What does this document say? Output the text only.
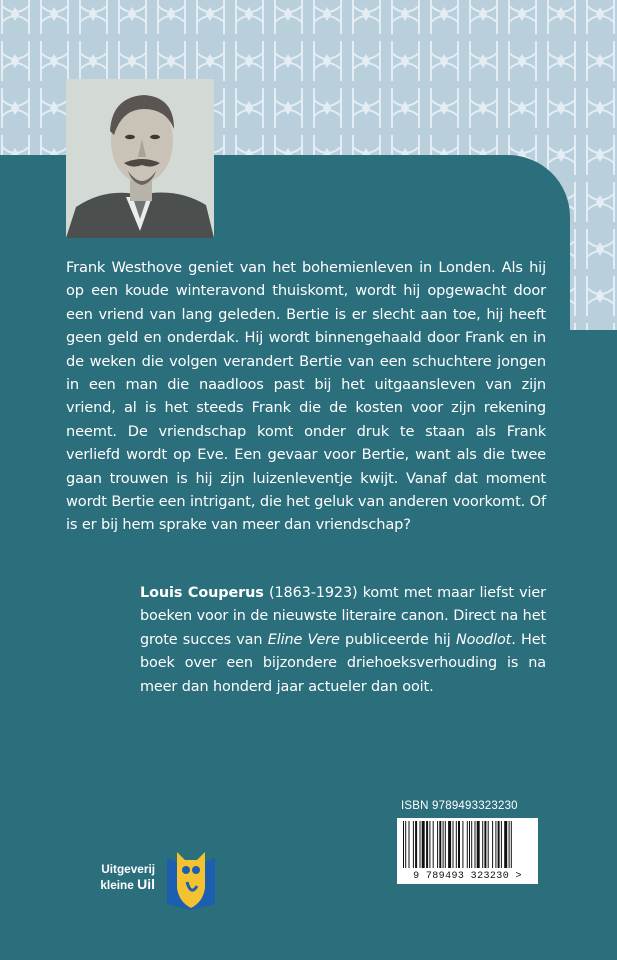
Frank Westhove geniet van het bohemienleven in Londen. Als hij op een koude winteravond thuiskomt, wordt hij opgewacht door een vriend van lang geleden. Bertie is er slecht aan toe, hij heeft geen geld en onderdak. Hij wordt binnengehaald door Frank en in de weken die volgen verandert Bertie van een schuchtere jongen in een man die naadloos past bij het uitgaansleven van zijn vriend, al is het steeds Frank die de kosten voor zijn rekening neemt. De vriendschap komt onder druk te staan als Frank verliefd wordt op Eve. Een gevaar voor Bertie, want als die twee gaan trouwen is hij zijn luizenleventje kwijt. Vanaf dat moment wordt Bertie een intrigant, die het geluk van anderen voorkomt. Of is er bij hem sprake van meer dan vriendschap?

Louis Couperus (1863-1923) komt met maar liefst vier boeken voor in de nieuwste literaire canon. Direct na het grote succes van Eline Vere publiceerde hij Noodlot. Het boek over een bijzondere driehoeksverhouding is na meer dan honderd jaar actueler dan ooit.

ISBN 9789493323230
9 789493 323230 >
Uitgeverij
kleine Uil
